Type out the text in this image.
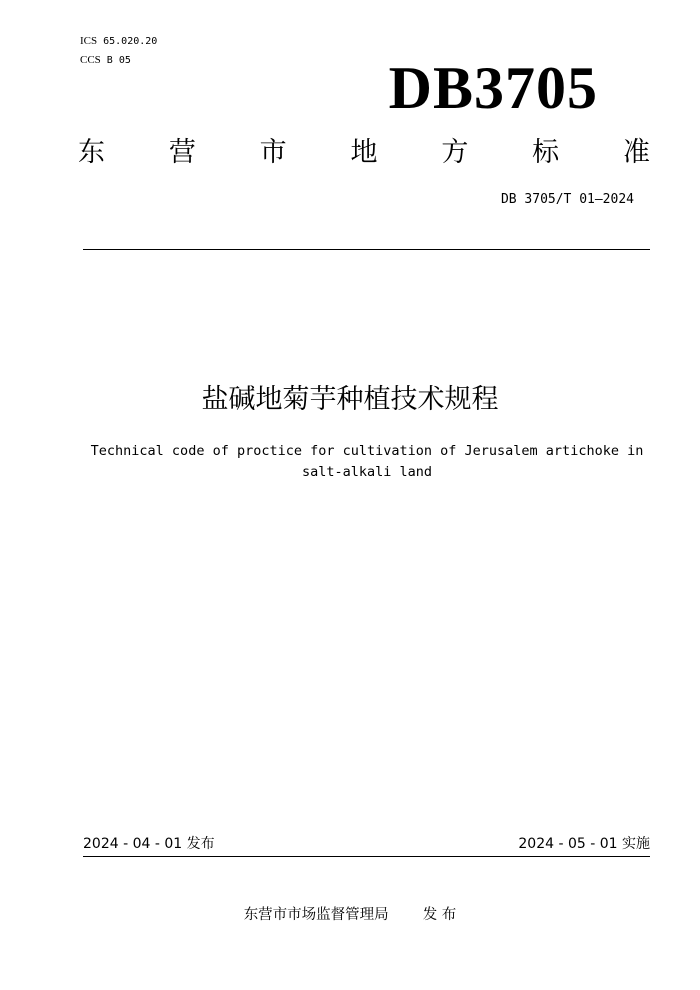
ICS 65.020.20
CCS B 05	DB3705
东 营 市 地 方 标 准
DB 3705/T 01—2024
盐碱地菊芋种植技术规程
Technical code of proctice for cultivation of Jerusalem artichoke in salt-alkali land
2024 - 04 - 01 发布	2024 - 05 - 01 实施
东营市市场监督管理局 发 布
